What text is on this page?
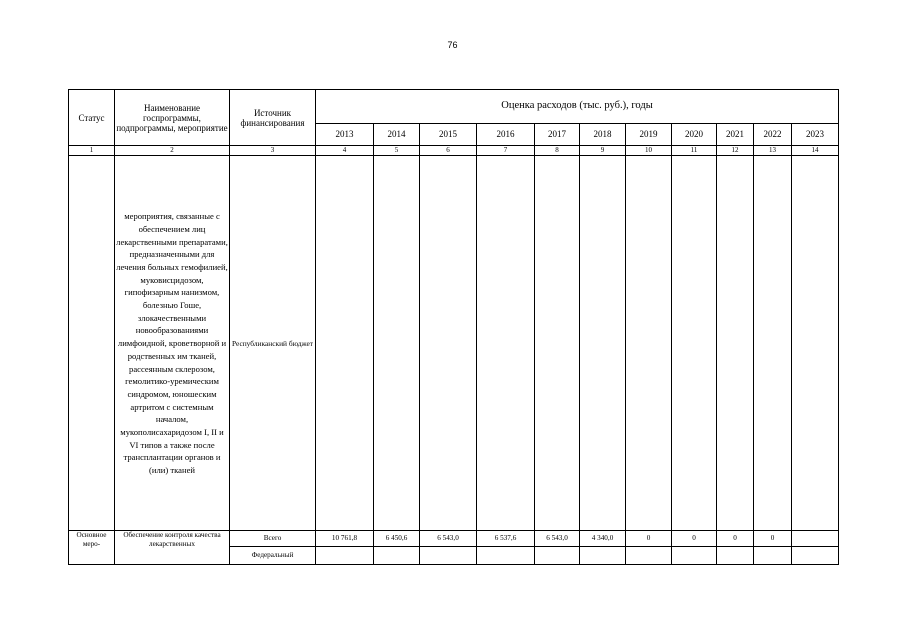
76
Статус	Наименование госпрограммы, подпрограммы, мероприятие	Источник финансирования	Оценка расходов (тыс. руб.), годы										
			2013	2014	2015	2016	2017	2018	2019	2020	2021	2022	2023
1	2	3	4	5	6	7	8	9	10	11	12	13	14
	мероприятия, связанные с обеспечением лиц лекарственными препаратами, предназначенными для лечения больных гемофилией, муковисцидозом, гипофизарным нанизмом, болезнью Гоше, злокачественными новообразованиями лимфоидной, кроветворной и родственных им тканей, рассеянным склерозом, гемолитико-уремическим синдромом, юношеским артритом с системным началом, мукополисахаридозом I, II и VI типов а также после трансплантации органов и (или) тканей	Республиканский бюджет											
Основное меро-	Обеспечение контроля качества лекарственных	Всего	10 761,8	6 450,6	6 543,0	6 537,6	6 543,0	4 340,0	0	0	0	0	
		Федеральный											
